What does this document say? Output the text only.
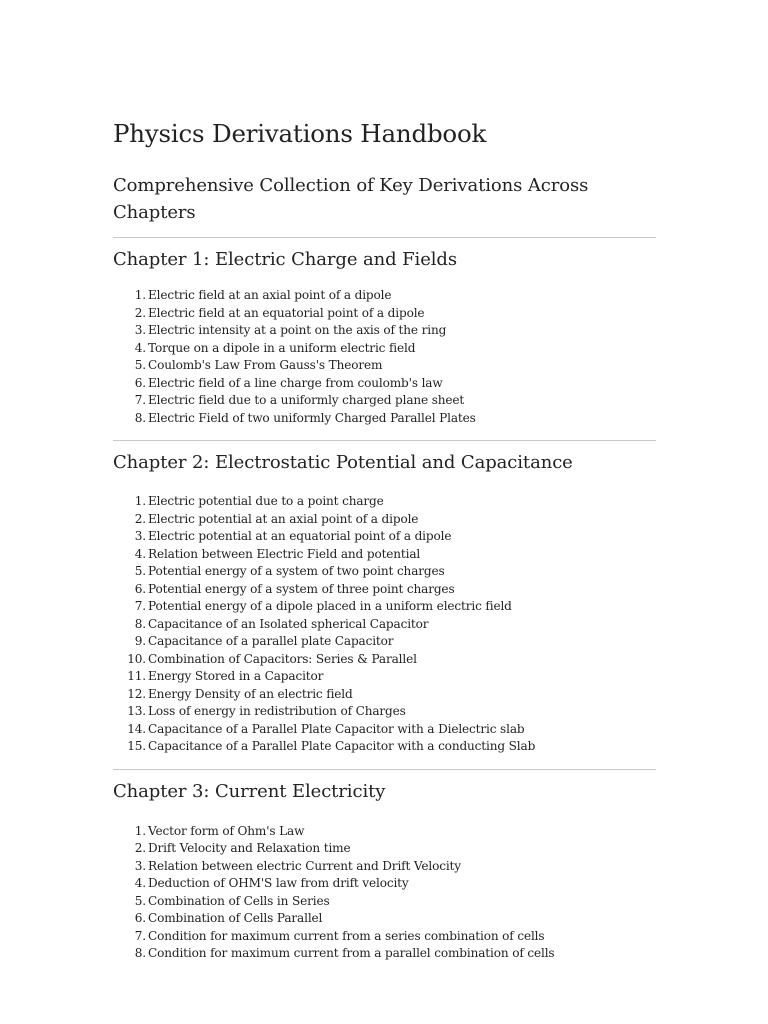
Physics Derivations Handbook
Comprehensive Collection of Key Derivations Across Chapters
Chapter 1: Electric Charge and Fields
1. Electric field at an axial point of a dipole
2. Electric field at an equatorial point of a dipole
3. Electric intensity at a point on the axis of the ring
4. Torque on a dipole in a uniform electric field
5. Coulomb's Law From Gauss's Theorem
6. Electric field of a line charge from coulomb's law
7. Electric field due to a uniformly charged plane sheet
8. Electric Field of two uniformly Charged Parallel Plates
Chapter 2: Electrostatic Potential and Capacitance
1. Electric potential due to a point charge
2. Electric potential at an axial point of a dipole
3. Electric potential at an equatorial point of a dipole
4. Relation between Electric Field and potential
5. Potential energy of a system of two point charges
6. Potential energy of a system of three point charges
7. Potential energy of a dipole placed in a uniform electric field
8. Capacitance of an Isolated spherical Capacitor
9. Capacitance of a parallel plate Capacitor
10. Combination of Capacitors: Series & Parallel
11. Energy Stored in a Capacitor
12. Energy Density of an electric field
13. Loss of energy in redistribution of Charges
14. Capacitance of a Parallel Plate Capacitor with a Dielectric slab
15. Capacitance of a Parallel Plate Capacitor with a conducting Slab
Chapter 3: Current Electricity
1. Vector form of Ohm's Law
2. Drift Velocity and Relaxation time
3. Relation between electric Current and Drift Velocity
4. Deduction of OHM'S law from drift velocity
5. Combination of Cells in Series
6. Combination of Cells Parallel
7. Condition for maximum current from a series combination of cells
8. Condition for maximum current from a parallel combination of cells
